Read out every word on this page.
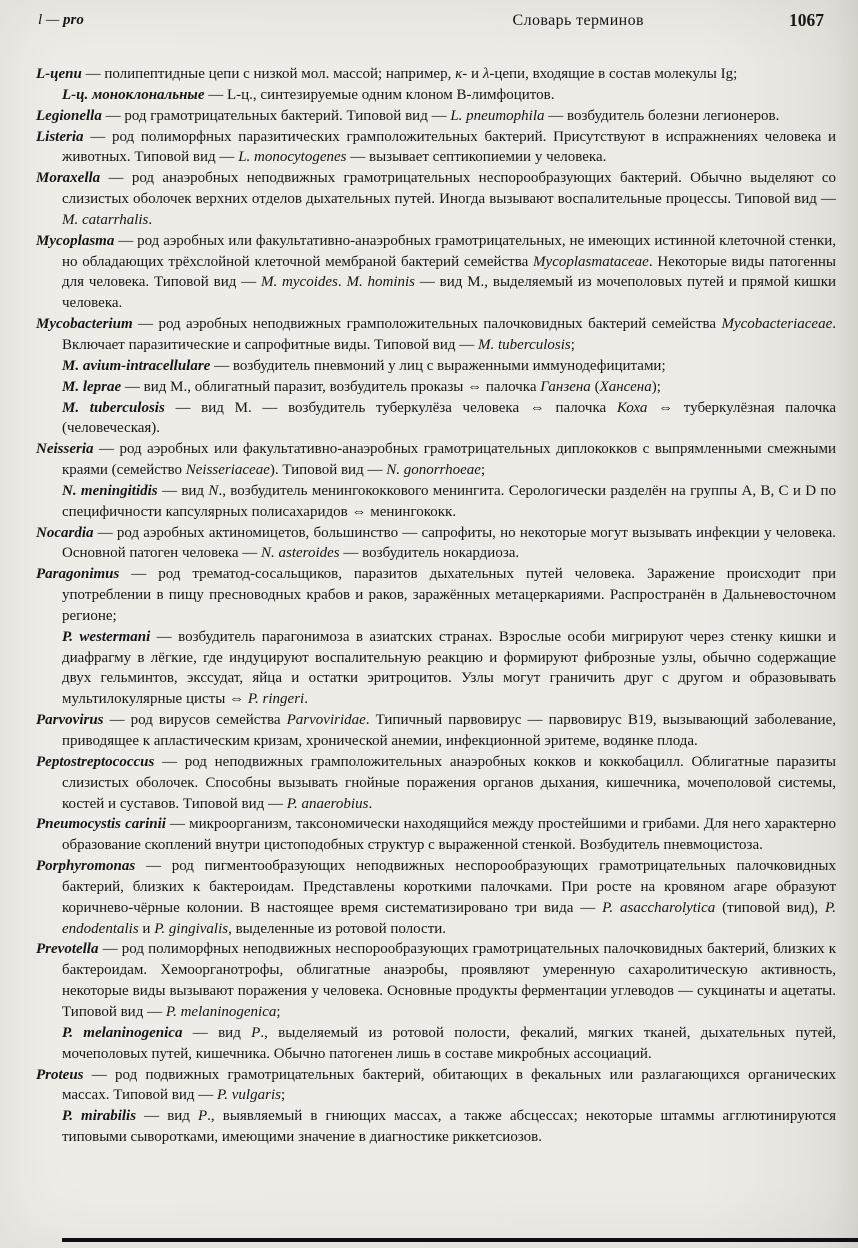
l — pro	Словарь терминов	1067

L-цепи — полипептидные цепи с низкой мол. массой; например, κ- и λ-цепи, входящие в состав молекулы Ig;

L-ц. моноклональные — L-ц., синтезируемые одним клоном В-лимфоцитов.

Legionella — род грамотрицательных бактерий. Типовой вид — L. pneumophila — возбудитель болезни легионеров.

Listeria — род полиморфных паразитических грамположительных бактерий. Присутствуют в испражнениях человека и животных. Типовой вид — L. monocytogenes — вызывает септикопиемии у человека.

Moraxella — род анаэробных неподвижных грамотрицательных неспорообразующих бактерий. Обычно выделяют со слизистых оболочек верхних отделов дыхательных путей. Иногда вызывают воспалительные процессы. Типовой вид — M. catarrhalis.

Mycoplasma — род аэробных или факультативно-анаэробных грамотрицательных, не имеющих истинной клеточной стенки, но обладающих трёхслойной клеточной мембраной бактерий семейства Mycoplasmataceae. Некоторые виды патогенны для человека. Типовой вид — M. mycoides. M. hominis — вид М., выделяемый из мочеполовых путей и прямой кишки человека.

Mycobacterium — род аэробных неподвижных грамположительных палочковидных бактерий семейства Mycobacteriaceae. Включает паразитические и сапрофитные виды. Типовой вид — M. tuberculosis;

M. avium-intracellulare — возбудитель пневмоний у лиц с выраженными иммунодефицитами;

M. leprae — вид М., облигатный паразит, возбудитель проказы ⇔ палочка Ганзена (Хансена);

M. tuberculosis — вид М. — возбудитель туберкулёза человека ⇔ палочка Коха ⇔ туберкулёзная палочка (человеческая).

Neisseria — род аэробных или факультативно-анаэробных грамотрицательных диплококков с выпрямленными смежными краями (семейство Neisseriaceae). Типовой вид — N. gonorrhoeae;

N. meningitidis — вид N., возбудитель менингококкового менингита. Серологически разделён на группы A, B, C и D по специфичности капсулярных полисахаридов ⇔ менингококк.

Nocardia — род аэробных актиномицетов, большинство — сапрофиты, но некоторые могут вызывать инфекции у человека. Основной патоген человека — N. asteroides — возбудитель нокардиоза.

Paragonimus — род трематод-сосальщиков, паразитов дыхательных путей человека. Заражение происходит при употреблении в пищу пресноводных крабов и раков, заражённых метацеркариями. Распространён в Дальневосточном регионе;

P. westermani — возбудитель парагонимоза в азиатских странах. Взрослые особи мигрируют через стенку кишки и диафрагму в лёгкие, где индуцируют воспалительную реакцию и формируют фиброзные узлы, обычно содержащие двух гельминтов, экссудат, яйца и остатки эритроцитов. Узлы могут граничить друг с другом и образовывать мультилокулярные цисты ⇔ P. ringeri.

Parvovirus — род вирусов семейства Parvoviridae. Типичный парвовирус — парвовирус B19, вызывающий заболевание, приводящее к апластическим кризам, хронической анемии, инфекционной эритеме, водянке плода.

Peptostreptococcus — род неподвижных грамположительных анаэробных кокков и коккобацилл. Облигатные паразиты слизистых оболочек. Способны вызывать гнойные поражения органов дыхания, кишечника, мочеполовой системы, костей и суставов. Типовой вид — P. anaerobius.

Pneumocystis carinii — микроорганизм, таксономически находящийся между простейшими и грибами. Для него характерно образование скоплений внутри цистоподобных структур с выраженной стенкой. Возбудитель пневмоцистоза.

Porphyromonas — род пигментообразующих неподвижных неспорообразующих грамотрицательных палочковидных бактерий, близких к бактероидам. Представлены короткими палочками. При росте на кровяном агаре образуют коричнево-чёрные колонии. В настоящее время систематизировано три вида — P. asaccharolytica (типовой вид), P. endodentalis и P. gingivalis, выделенные из ротовой полости.

Prevotella — род полиморфных неподвижных неспорообразующих грамотрицательных палочковидных бактерий, близких к бактероидам. Хемоорганотрофы, облигатные анаэробы, проявляют умеренную сахаролитическую активность, некоторые виды вызывают поражения у человека. Основные продукты ферментации углеводов — сукцинаты и ацетаты. Типовой вид — P. melaninogenica;

P. melaninogenica — вид P., выделяемый из ротовой полости, фекалий, мягких тканей, дыхательных путей, мочеполовых путей, кишечника. Обычно патогенен лишь в составе микробных ассоциаций.

Proteus — род подвижных грамотрицательных бактерий, обитающих в фекальных или разлагающихся органических массах. Типовой вид — P. vulgaris;

P. mirabilis — вид P., выявляемый в гниющих массах, а также абсцессах; некоторые штаммы агглютинируются типовыми сыворотками, имеющими значение в диагностике риккетсиозов.
